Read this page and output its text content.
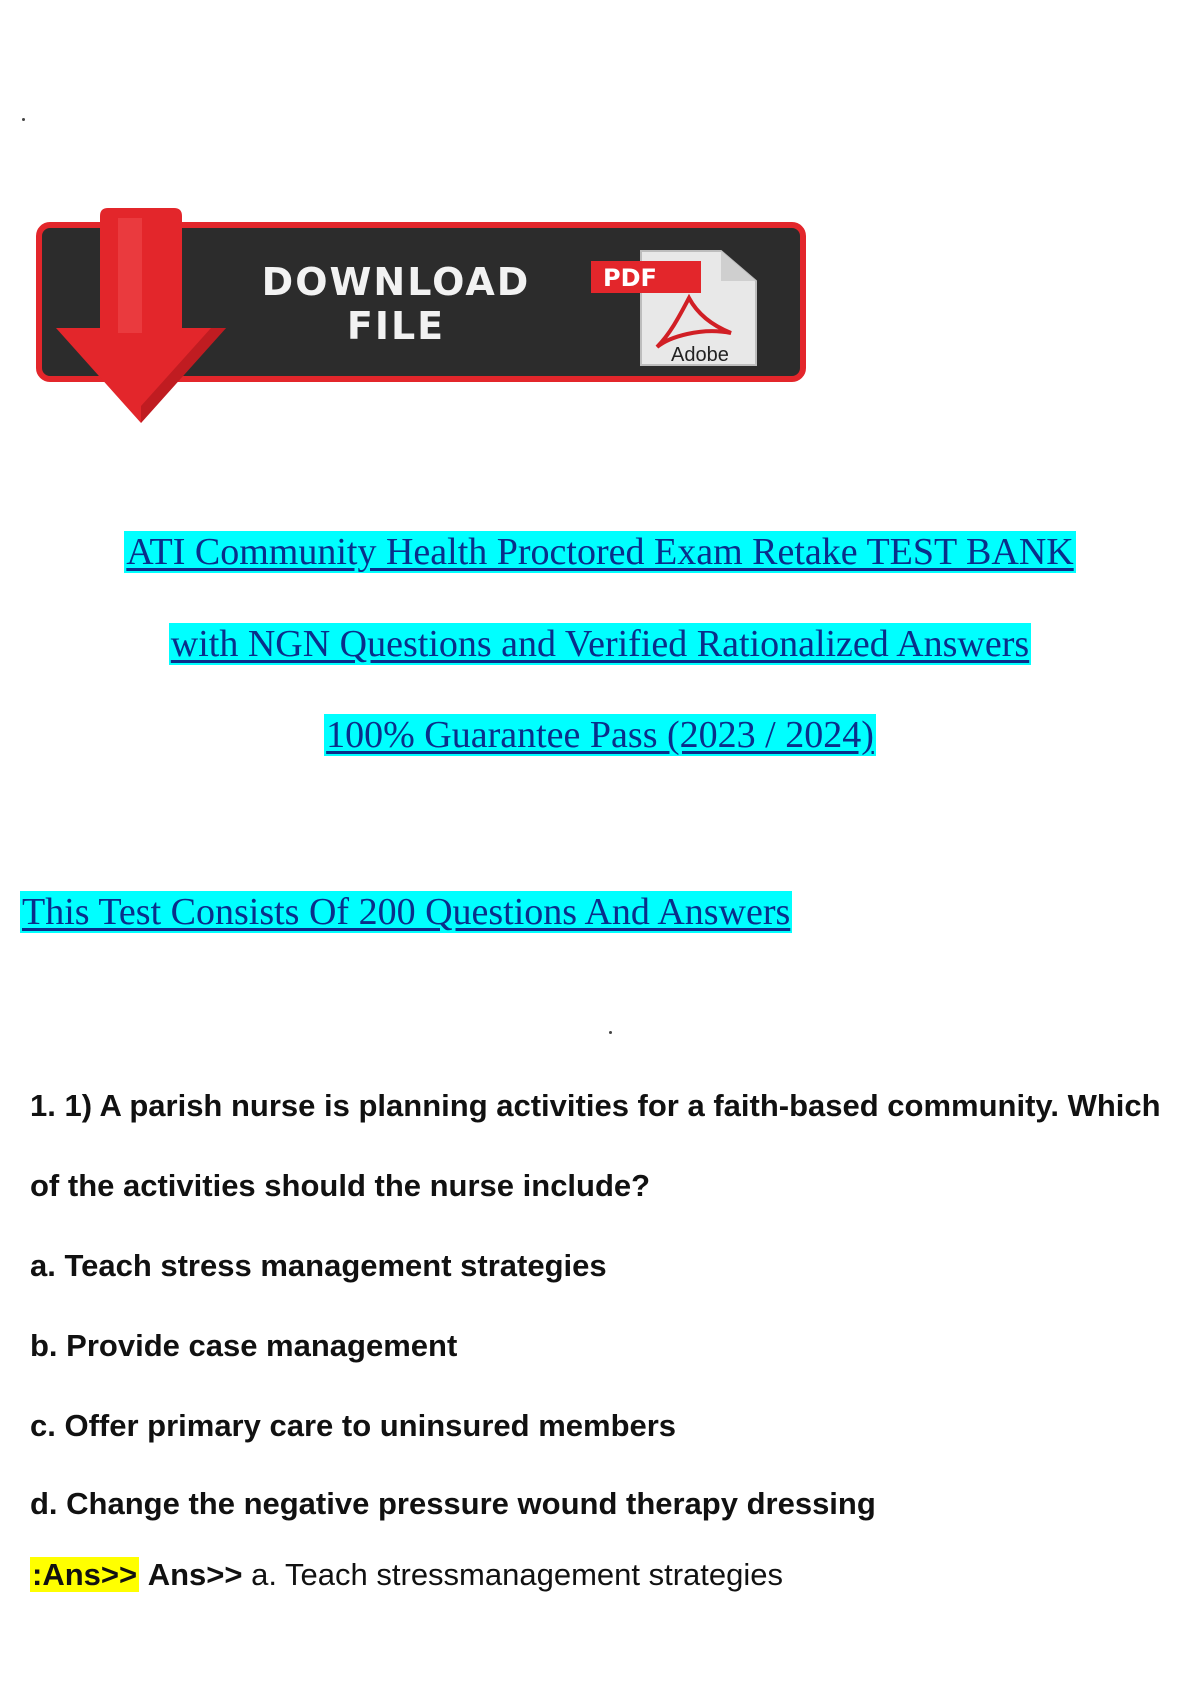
DOWNLOAD
FILE
PDF
Adobe
ATI Community Health Proctored Exam Retake TEST BANK
with NGN Questions and Verified Rationalized Answers
100% Guarantee Pass (2023 / 2024)
This Test Consists Of 200 Questions And Answers
1. 1) A parish nurse is planning activities for a faith-based community. Which
of the activities should the nurse include?
a. Teach stress management strategies
b. Provide case management
c. Offer primary care to uninsured members
d. Change the negative pressure wound therapy dressing
:Ans>> Ans>> a. Teach stressmanagement strategies
